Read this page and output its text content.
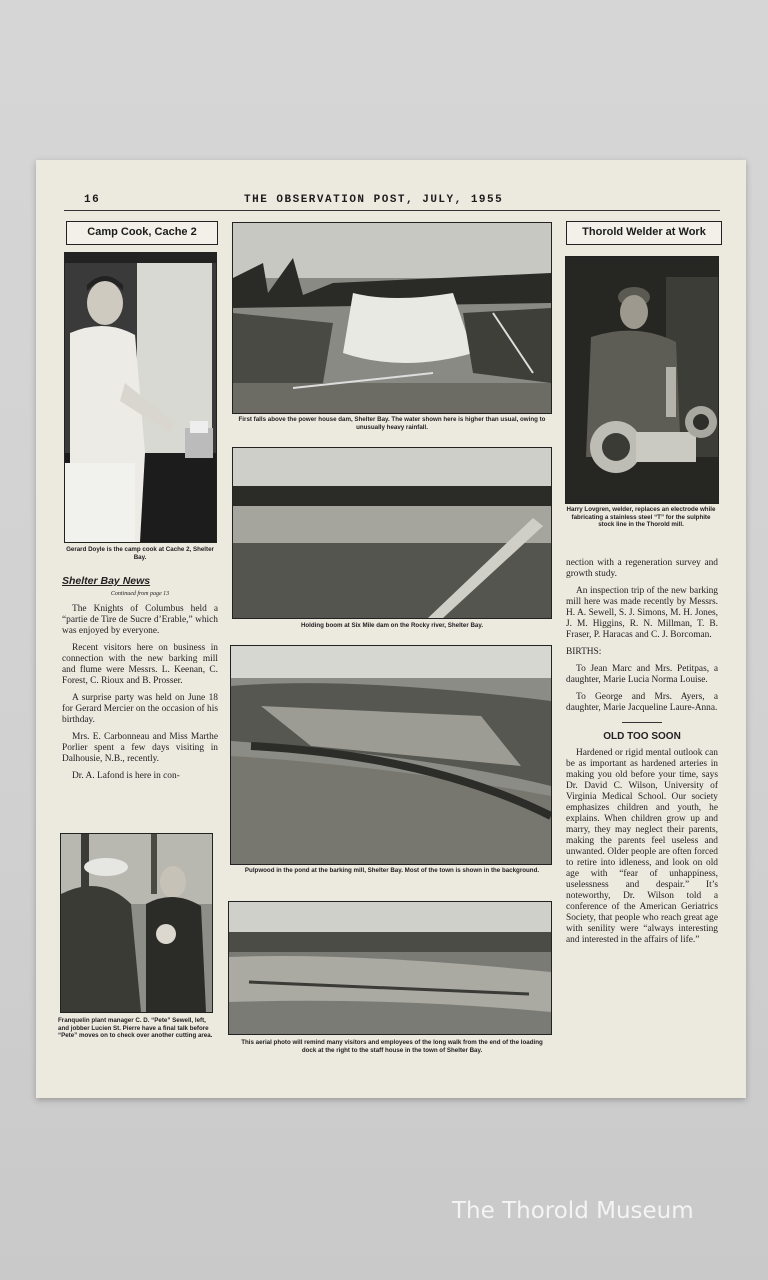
16	THE OBSERVATION POST, JULY, 1955
Camp Cook, Cache 2
Gerard Doyle is the camp cook at Cache 2, Shelter Bay.
Shelter Bay News
Continued from page 13

The Knights of Columbus held a “partie de Tire de Sucre d’Erable,” which was enjoyed by everyone.

Recent visitors here on business in connection with the new barking mill and flume were Messrs. L. Keenan, C. Forest, C. Rioux and B. Prosser.

A surprise party was held on June 18 for Gerard Mercier on the occasion of his birthday.

Mrs. E. Carbonneau and Miss Marthe Porlier spent a few days visiting in Dalhousie, N.B., recently.

Dr. A. Lafond is here in con-

Franquelin plant manager C. D. “Pete” Sewell, left, and jobber Lucien St. Pierre have a final talk before “Pete” moves on to check over another cutting area.
First falls above the power house dam, Shelter Bay. The water shown here is higher than usual, owing to unusually heavy rainfall.
Holding boom at Six Mile dam on the Rocky river, Shelter Bay.
Pulpwood in the pond at the barking mill, Shelter Bay. Most of the town is shown in the background.
This aerial photo will remind many visitors and employees of the long walk from the end of the loading dock at the right to the staff house in the town of Shelter Bay.
Thorold Welder at Work
Harry Lovgren, welder, replaces an electrode while fabricating a stainless steel “T” for the sulphite stock line in the Thorold mill.

nection with a regeneration survey and growth study.

An inspection trip of the new barking mill here was made recently by Messrs. H. A. Sewell, S. J. Simons, M. H. Jones, J. M. Higgins, R. N. Millman, T. B. Fraser, P. Haracas and C. J. Borcoman.

BIRTHS:

To Jean Marc and Mrs. Petitpas, a daughter, Marie Lucia Norma Louise.

To George and Mrs. Ayers, a daughter, Marie Jacqueline Laure-Anna.

OLD TOO SOON

Hardened or rigid mental outlook can be as important as hardened arteries in making you old before your time, says Dr. David C. Wilson, University of Virginia Medical School. Our society emphasizes children and youth, he explains. When children grow up and marry, they may neglect their parents, making the parents feel useless and unwanted. Older people are often forced to retire into idleness, and look on old age with “fear of unhappiness, uselessness and despair.” It’s noteworthy, Dr. Wilson told a conference of the American Geriatrics Society, that people who reach great age with senility were “always interesting and interested in the affairs of life.”

The Thorold Museum
